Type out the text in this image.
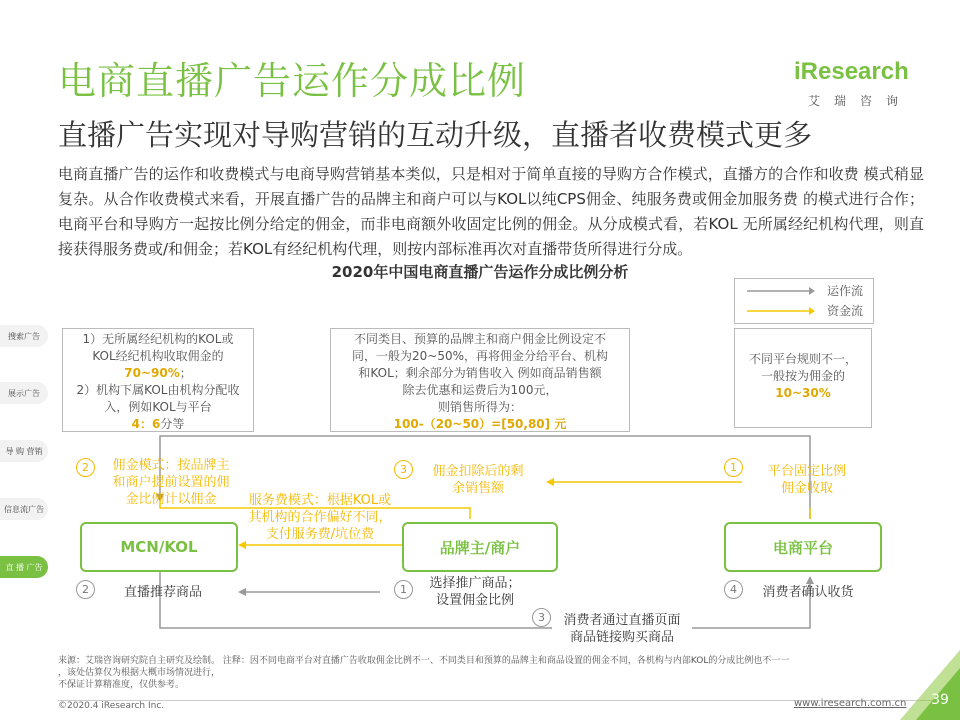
电商直播广告运作分成比例
直播广告实现对导购营销的互动升级，直播者收费模式更多
iResearch
艾瑞咨询
电商直播广告的运作和收费模式与电商导购营销基本类似，只是相对于简单直接的导购方合作模式，直播方的合作和收费 模式稍显复杂。从合作收费模式来看，开展直播广告的品牌主和商户可以与KOL以纯CPS佣金、纯服务费或佣金加服务费 的模式进行合作；电商平台和导购方一起按比例分给定的佣金，而非电商额外收固定比例的佣金。从分成模式看，若KOL 无所属经纪机构代理，则直接获得服务费或/和佣金；若KOL有经纪机构代理，则按内部标准再次对直播带货所得进行分成。
2020年中国电商直播广告运作分成比例分析
搜索广告
展示广告
导 购 营销
信息流广告
直 播 广告
运作流
资金流
1）无所属经纪机构的KOL或
KOL经纪机构收取佣金的
70~90%；
2）机构下属KOL由机构分配收
入，例如KOL与平台
4：6分等
不同类目、预算的品牌主和商户佣金比例设定不
同，一般为20~50%，再将佣金分给平台、机构
和KOL；剩余部分为销售收入 例如商品销售额
除去优惠和运费后为100元，
则销售所得为：
100-（20~50）=[50,80] 元
不同平台规则不一，
一般按为佣金的
10~30%
MCN/KOL	品牌主/商户	电商平台
2	佣金模式：按品牌主
和商户提前设置的佣
金比例计以佣金
3	佣金扣除后的剩
余销售额
1	平台固定比例
佣金收取
服务费模式：根据KOL或
其机构的合作偏好不同，
支付服务费/坑位费
2	直播推荐商品	1	选择推广商品；
设置佣金比例
3	消费者通过直播页面
商品链接购买商品
4	消费者确认收货
来源：艾瑞咨询研究院自主研究及绘制。 注释：因不同电商平台对直播广告收取佣金比例不一、不同类目和预算的品牌主和商品设置的佣金不同，各机构与内部KOL的分成比例也不一一
，该处估算仅为根据大概市场情况进行，
不保证计算精准度，仅供参考。
©2020.4 iResearch Inc.	www.iresearch.com.cn	39
